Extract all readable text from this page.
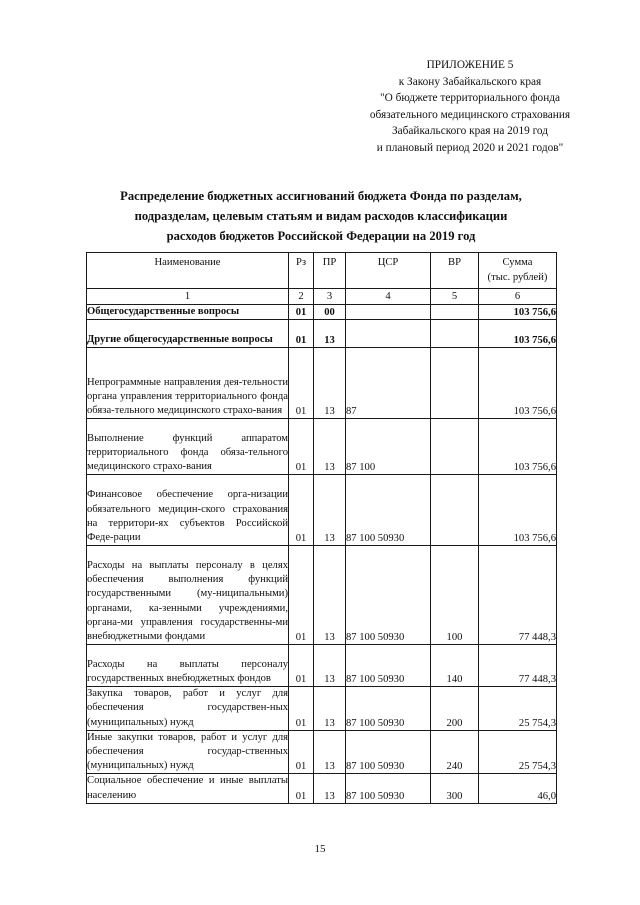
ПРИЛОЖЕНИЕ 5
к Закону Забайкальского края
"О бюджете территориального фонда
обязательного медицинского страхования
Забайкальского края на 2019 год
и плановый период 2020 и 2021 годов"
Распределение бюджетных ассигнований бюджета Фонда по разделам,
подразделам, целевым статьям и видам расходов классификации
расходов бюджетов Российской Федерации на 2019 год
Наименование	Рз	ПР	ЦСР	ВР	Сумма
(тыс. рублей)

1	2	3	4	5	6
Общегосударственные вопросы	01	00			103 756,6
Другие общегосударственные вопросы	01	13			103 756,6
Непрограммные направления дея-тельности органа управления территориального фонда обяза-тельного медицинского страхо-вания	01	13	87		103 756,6
Выполнение функций аппаратом территориального фонда обяза-тельного медицинского страхо-вания	01	13	87 100		103 756,6
Финансовое обеспечение орга-низации обязательного медицин-ского страхования на территори-ях субъектов Российской Феде-рации	01	13	87 100 50930		103 756,6
Расходы на выплаты персоналу в целях обеспечения выполнения функций государственными (му-ниципальными) органами, ка-зенными учреждениями, органа-ми управления государственны-ми внебюджетными фондами	01	13	87 100 50930	100	77 448,3
Расходы на выплаты персоналу государственных внебюджетных фондов	01	13	87 100 50930	140	77 448,3
Закупка товаров, работ и услуг для обеспечения государствен-ных (муниципальных) нужд	01	13	87 100 50930	200	25 754,3
Иные закупки товаров, работ и услуг для обеспечения государ-ственных (муниципальных) нужд	01	13	87 100 50930	240	25 754,3
Социальное обеспечение и иные выплаты населению	01	13	87 100 50930	300	46,0
15
